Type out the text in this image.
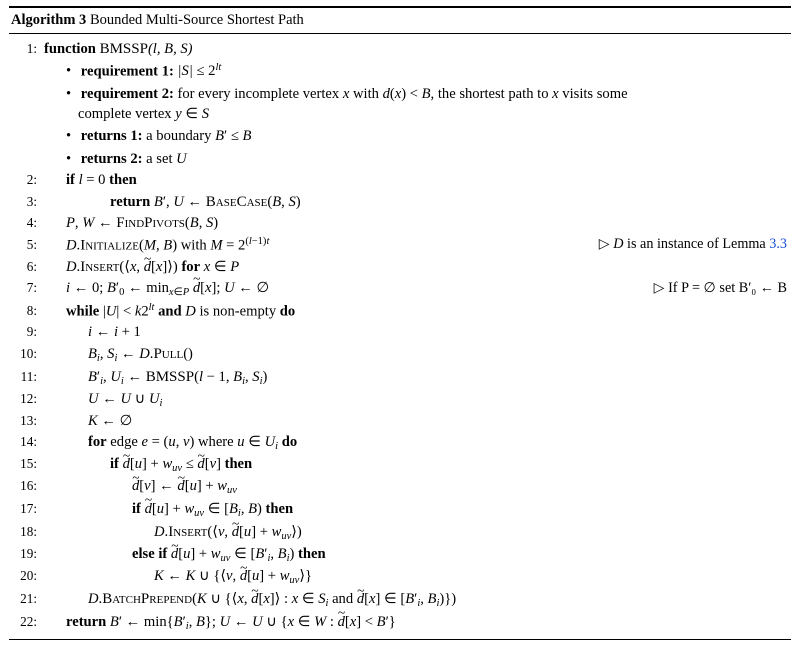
Algorithm 3 Bounded Multi-Source Shortest Path
1: function BMSSP(l, B, S)
• requirement 1: $|S| \le 2^{lt}$
• requirement 2: for every incomplete vertex x with d(x) < B, the shortest path to x visits some
complete vertex y ∈ S
• returns 1: a boundary B′ ≤ B
• returns 2: a set U
2:	if l = 0 then
3:	return B′, U ← BaseCase(B, S)
4:	P, W ← FindPivots(B, S)
5:	D.Initialize(M, B) with $M = 2^{(l-1)t}$	▷ D is an instance of Lemma 3.3
6:	D.Insert(⟨x, ~ d[x]⟩) for x ∈ P
7:	i ← 0; $B'_0$ ← $\min_{x\in P}$ ~ d[x]; U ← ∅	▷ If P = ∅ set B′₀ ← B
8:	while $|U| < k2^{lt}$ and D is non-empty do
9:	i ← i + 1
10:	$B_i$, $S_i$ ← D.Pull()
11:	$B'_i$, $U_i$ ← BMSSP(l − 1, $B_i$, $S_i$)
12:	U ← U ∪ $U_i$
13:	K ← ∅
14:	for edge e = (u, v) where u ∈ $U_i$ do
15:	if ~ $d[u] + w_{uv}$ ≤ ~ d[v] then
16:	~ d[v] ← ~ $d[u] + w_{uv}$
17:	if ~ $d[u] + w_{uv}$ ∈ [$B_i$, B) then
18:	D.Insert(⟨v, ~ $d[u] + w_{uv}⟩$)
19:	else if ~ $d[u] + w_{uv}$ ∈ [$B'_i$, $B_i$) then
20:	K ← K ∪ {⟨v, ~ $d[u] + w_{uv}⟩$}
21:	D.BatchPrepend(K ∪ {⟨x, ~ d[x]⟩ : x ∈ $S_i$ and ~ d[x] ∈ [$B'_i$, $B_i$)})
22:	return B′ ← $\min\{B'_i$, B}; U ← U ∪ {x ∈ W : ~ d[x] < B′}
